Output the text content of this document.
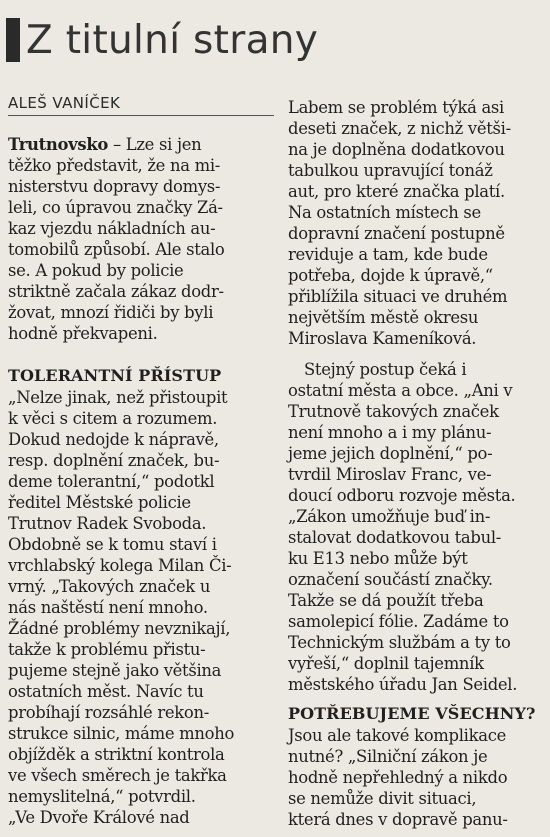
Z titulní strany
ALEŠ VANÍČEK
Trutnovsko – Lze si jen
těžko představit, že na mi-
nisterstvu dopravy domys-
leli, co úpravou značky Zá-
kaz vjezdu nákladních au-
tomobilů způsobí. Ale stalo
se. A pokud by policie
striktně začala zákaz dodr-
žovat, mnozí řidiči by byli
hodně překvapeni.
TOLERANTNÍ PŘÍSTUP
„Nelze jinak, než přistoupit
k věci s citem a rozumem.
Dokud nedojde k nápravě,
resp. doplnění značek, bu-
deme tolerantní,“ podotkl
ředitel Městské policie
Trutnov Radek Svoboda.
Obdobně se k tomu staví i
vrchlabský kolega Milan Či-
vrný. „Takových značek u
nás naštěstí není mnoho.
Žádné problémy nevznikají,
takže k problému přistu-
pujeme stejně jako většina
ostatních měst. Navíc tu
probíhají rozsáhlé rekon-
strukce silnic, máme mnoho
objížděk a striktní kontrola
ve všech směrech je takřka
nemyslitelná,“ potvrdil.
„Ve Dvoře Králové nad
Labem se problém týká asi
deseti značek, z nichž větši-
na je doplněna dodatkovou
tabulkou upravující tonáž
aut, pro které značka platí.
Na ostatních místech se
dopravní značení postupně
reviduje a tam, kde bude
potřeba, dojde k úpravě,“
přiblížila situaci ve druhém
největším městě okresu
Miroslava Kameníková.
Stejný postup čeká i
ostatní města a obce. „Ani v
Trutnově takových značek
není mnoho a i my plánu-
jeme jejich doplnění,“ po-
tvrdil Miroslav Franc, ve-
doucí odboru rozvoje města.
„Zákon umožňuje buď in-
stalovat dodatkovou tabul-
ku E13 nebo může být
označení součástí značky.
Takže se dá použít třeba
samolepicí fólie. Zadáme to
Technickým službám a ty to
vyřeší,“ doplnil tajemník
městského úřadu Jan Seidel.
POTŘEBUJEME VŠECHNY?
Jsou ale takové komplikace
nutné? „Silniční zákon je
hodně nepřehledný a nikdo
se nemůže divit situaci,
která dnes v dopravě panu-
